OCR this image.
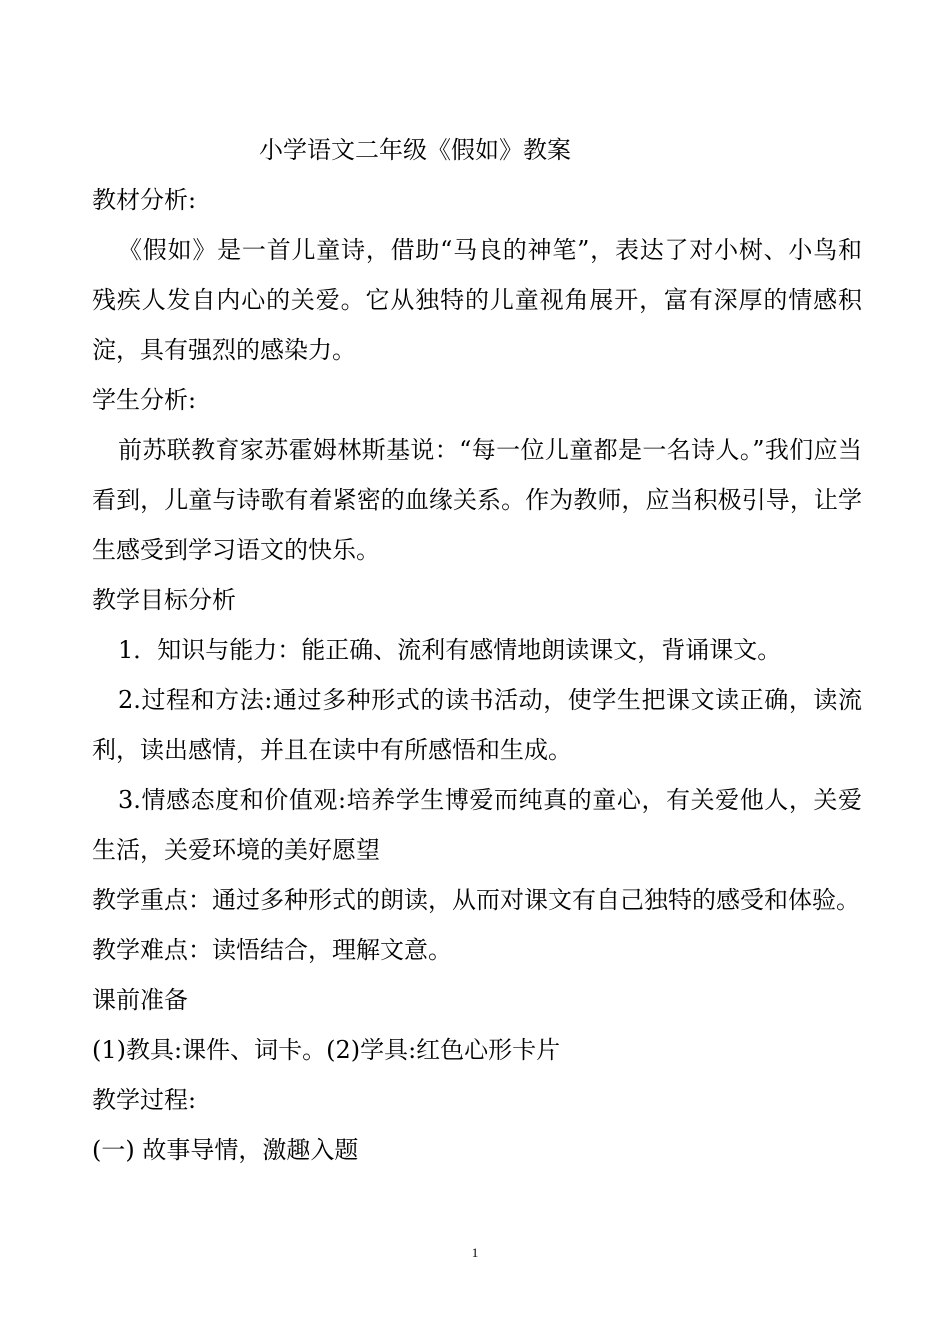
小学语文二年级《假如》教案

教材分析:

《假如》是一首儿童诗，借助“马良的神笔”，表达了对小树、小鸟和残疾人发自内心的关爱。它从独特的儿童视角展开，富有深厚的情感积淀，具有强烈的感染力。

学生分析:

前苏联教育家苏霍姆林斯基说：“每一位儿童都是一名诗人。”我们应当看到，儿童与诗歌有着紧密的血缘关系。作为教师，应当积极引导，让学生感受到学习语文的快乐。

教学目标分析

1．知识与能力：能正确、流利有感情地朗读课文，背诵课文。

2.过程和方法:通过多种形式的读书活动，使学生把课文读正确，读流利，读出感情，并且在读中有所感悟和生成。

3.情感态度和价值观:培养学生博爱而纯真的童心，有关爱他人，关爱生活，关爱环境的美好愿望

教学重点：通过多种形式的朗读，从而对课文有自己独特的感受和体验。

教学难点：读悟结合，理解文意。

课前准备

(1)教具:课件、词卡。(2)学具:红色心形卡片

教学过程:

(一) 故事导情，激趣入题

1
